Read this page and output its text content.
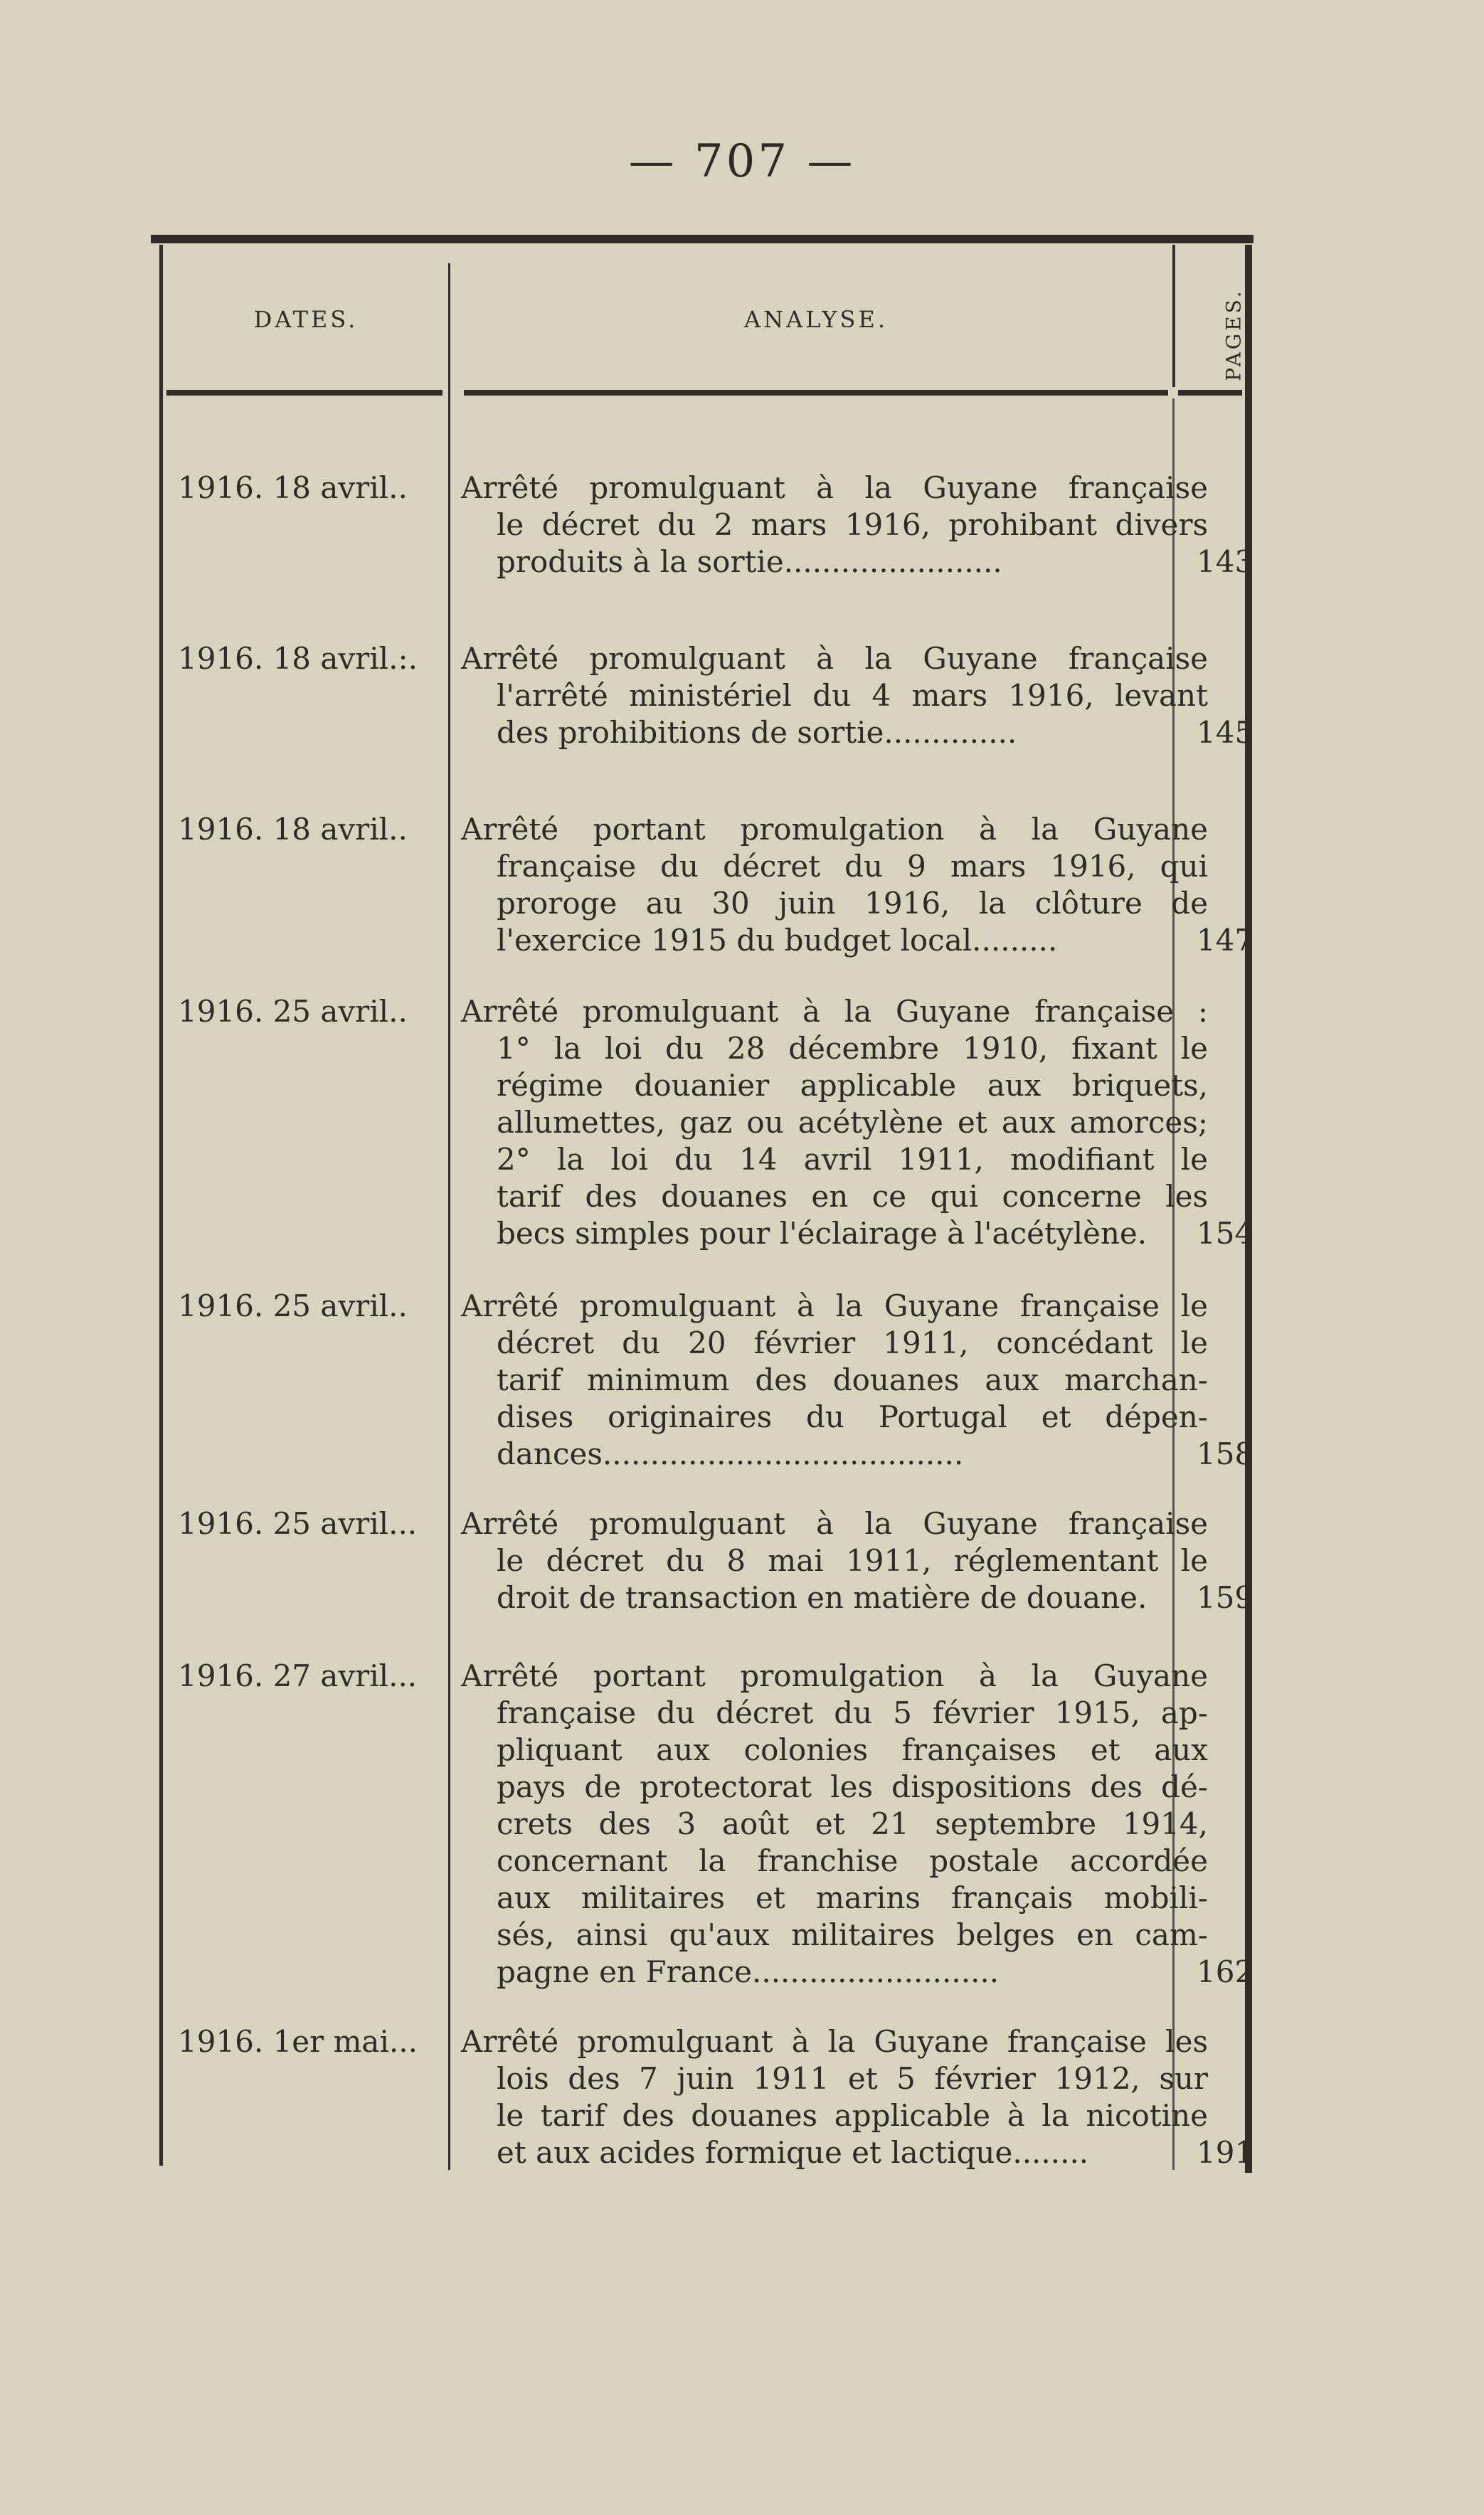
— 707 —
DATES.	ANALYSE.	PAGES.
1916. 18 avril..	Arrêté promulguant à la Guyane française

le décret du 2 mars 1916, prohibant divers

produits à la sortie.......................	143
1916. 18 avril.:.	Arrêté promulguant à la Guyane française

l'arrêté ministériel du 4 mars 1916, levant

des prohibitions de sortie..............	145
1916. 18 avril..	Arrêté portant promulgation à la Guyane

française du décret du 9 mars 1916, qui

proroge au 30 juin 1916, la clôture de

l'exercice 1915 du budget local.........	147
1916. 25 avril..	Arrêté promulguant à la Guyane française :

1° la loi du 28 décembre 1910, fixant le

régime douanier applicable aux briquets,

allumettes, gaz ou acétylène et aux amorces;

2° la loi du 14 avril 1911, modifiant le

tarif des douanes en ce qui concerne les

becs simples pour l'éclairage à l'acétylène.	154
1916. 25 avril..	Arrêté promulguant à la Guyane française le

décret du 20 février 1911, concédant le

tarif minimum des douanes aux marchan-

dises originaires du Portugal et dépen-

dances......................................	158
1916. 25 avril...	Arrêté promulguant à la Guyane française

le décret du 8 mai 1911, réglementant le

droit de transaction en matière de douane.	159
1916. 27 avril...	Arrêté portant promulgation à la Guyane

française du décret du 5 février 1915, ap-

pliquant aux colonies françaises et aux

pays de protectorat les dispositions des dé-

crets des 3 août et 21 septembre 1914,

concernant la franchise postale accordée

aux militaires et marins français mobili-

sés, ainsi qu'aux militaires belges en cam-

pagne en France..........................	162
1916. 1er mai...	Arrêté promulguant à la Guyane française les

lois des 7 juin 1911 et 5 février 1912, sur

le tarif des douanes applicable à la nicotine

et aux acides formique et lactique........	191
